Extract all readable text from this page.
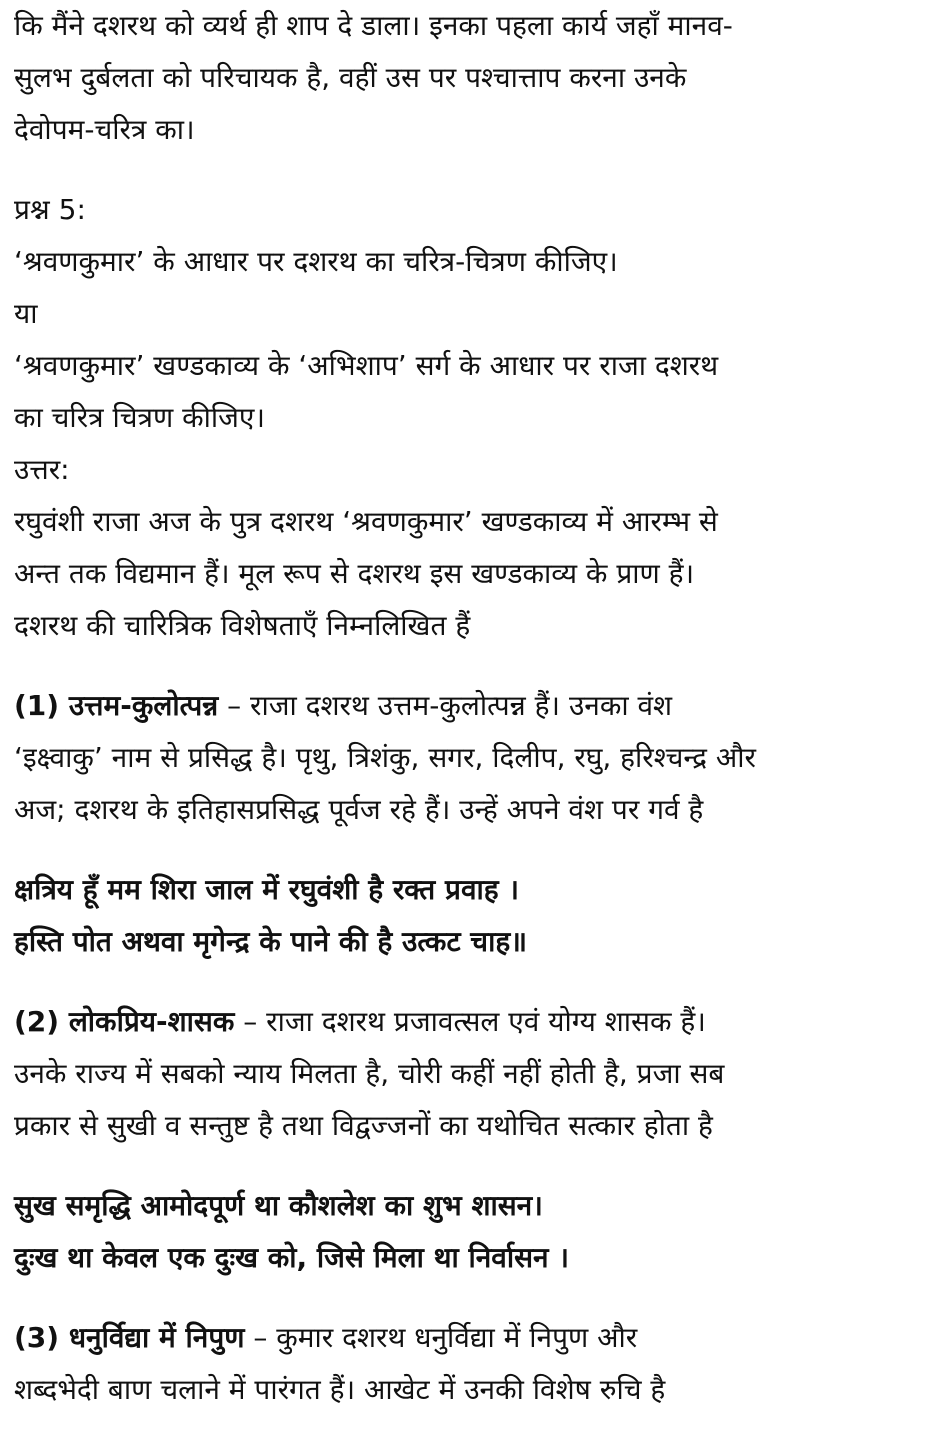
कि मैंने दशरथ को व्यर्थ ही शाप दे डाला। इनका पहला कार्य जहाँ मानव-
सुलभ दुर्बलता को परिचायक है, वहीं उस पर पश्चात्ताप करना उनके
देवोपम-चरित्र का।
प्रश्न 5:
‘श्रवणकुमार’ के आधार पर दशरथ का चरित्र-चित्रण कीजिए।
या
‘श्रवणकुमार’ खण्डकाव्य के ‘अभिशाप’ सर्ग के आधार पर राजा दशरथ
का चरित्र चित्रण कीजिए।
उत्तर:
रघुवंशी राजा अज के पुत्र दशरथ ‘श्रवणकुमार’ खण्डकाव्य में आरम्भ से
अन्त तक विद्यमान हैं। मूल रूप से दशरथ इस खण्डकाव्य के प्राण हैं।
दशरथ की चारित्रिक विशेषताएँ निम्नलिखित हैं
(1) उत्तम-कुलोत्पन्न – राजा दशरथ उत्तम-कुलोत्पन्न हैं। उनका वंश
‘इक्ष्वाकु’ नाम से प्रसिद्ध है। पृथु, त्रिशंकु, सगर, दिलीप, रघु, हरिश्चन्द्र और
अज; दशरथ के इतिहासप्रसिद्ध पूर्वज रहे हैं। उन्हें अपने वंश पर गर्व है
क्षत्रिय हूँ मम शिरा जाल में रघुवंशी है रक्त प्रवाह ।
हस्ति पोत अथवा मृगेन्द्र के पाने की है उत्कट चाह॥
(2) लोकप्रिय-शासक – राजा दशरथ प्रजावत्सल एवं योग्य शासक हैं।
उनके राज्य में सबको न्याय मिलता है, चोरी कहीं नहीं होती है, प्रजा सब
प्रकार से सुखी व सन्तुष्ट है तथा विद्वज्जनों का यथोचित सत्कार होता है
सुख समृद्धि आमोदपूर्ण था कौशलेश का शुभ शासन।
दुःख था केवल एक दुःख को, जिसे मिला था निर्वासन ।
(3) धनुर्विद्या में निपुण – कुमार दशरथ धनुर्विद्या में निपुण और
शब्दभेदी बाण चलाने में पारंगत हैं। आखेट में उनकी विशेष रुचि है
